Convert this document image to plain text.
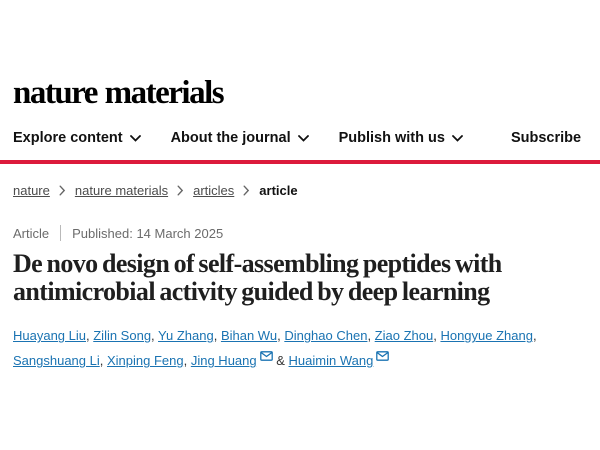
nature materials
Explore content	About the journal	Publish with us	Subscribe
nature nature materials articles article
Article Published: 14 March 2025
De novo design of self-assembling peptides with
antimicrobial activity guided by deep learning
Huayang Liu, Zilin Song, Yu Zhang, Bihan Wu, Dinghao Chen, Ziao Zhou, Hongyue Zhang, Sangshuang Li, Xinping Feng, Jing Huang & Huaimin Wang
